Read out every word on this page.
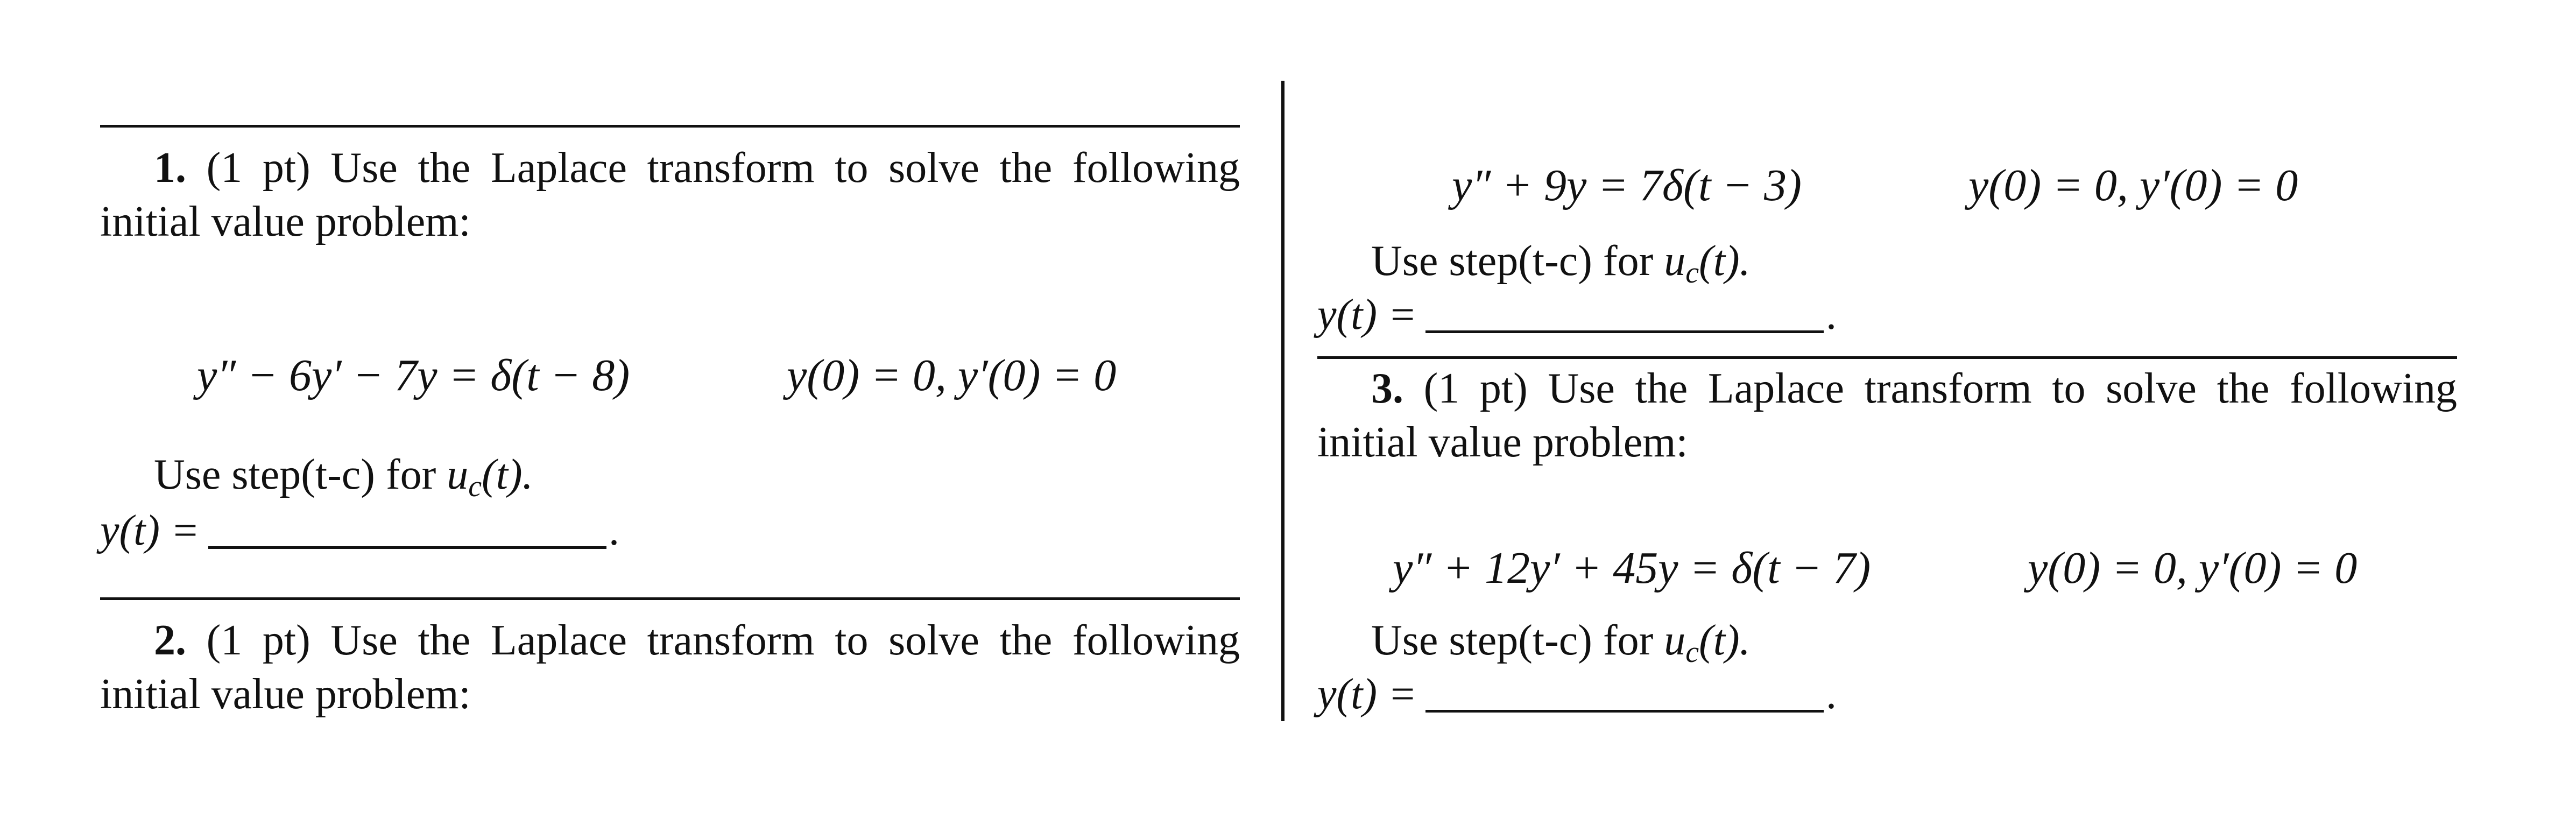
1. (1 pt) Use the Laplace transform to solve the following
initial value problem:
y″ − 6y′ − 7y = δ(t − 8)	y(0) = 0, y′(0) = 0
Use step(t-c) for $u_c(t)$.
y(t) =	.
2. (1 pt) Use the Laplace transform to solve the following
initial value problem:
y″ + 9y = 7δ(t − 3)	y(0) = 0, y′(0) = 0
Use step(t-c) for $u_c(t)$.
y(t) =	.
3. (1 pt) Use the Laplace transform to solve the following
initial value problem:
y″ + 12y′ + 45y = δ(t − 7)	y(0) = 0, y′(0) = 0
Use step(t-c) for $u_c(t)$.
y(t) =	.
